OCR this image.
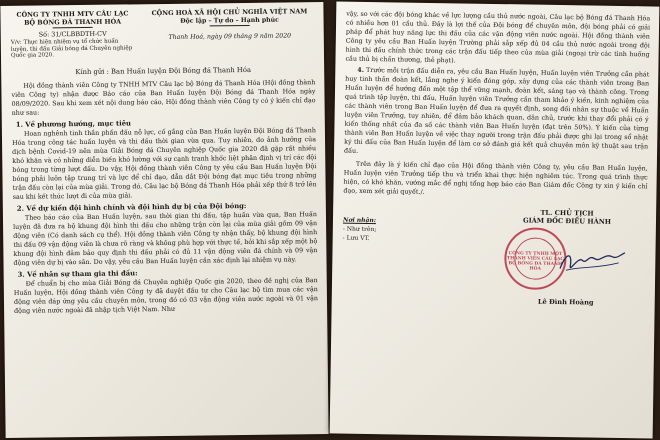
CÔNG TY TNHH MTV CÂU LẠC BỘ BÓNG ĐÁ THANH HÓA
Số: 31/CLBBDTH-CV
V/v: Thực hiện nhiệm vụ tổ chức huấn luyện, thi đấu Giải bóng đá Chuyên nghiệp Quốc gia 2020.
CỘNG HOÀ XÃ HỘI CHỦ NGHĨA VIỆT NAM
Độc lập – Tự do – Hạnh phúc
Thanh Hoá, ngày 09 tháng 9 năm 2020
Kính gửi : Ban Huấn luyện Đội Bóng đá Thanh Hóa

Hội đồng thành viên Công ty TNHH MTV Câu lạc bộ Bóng đá Thanh Hóa (Hội đồng thành viên Công ty) nhận được Báo cáo của Ban Huấn luyện Đội Bóng đá Thanh Hóa ngày 08/09/2020. Sau khi xem xét nội dung báo cáo, Hội đồng thành viên Công ty có ý kiến chỉ đạo như sau:

1. Về phương hướng, mục tiêu

Hoan nghênh tinh thần phấn đấu nỗ lực, cố gắng của Ban Huấn luyện Đội Bóng đá Thanh Hóa trong công tác huấn luyện và thi đấu thời gian vừa qua. Tuy nhiên, do ảnh hưởng của dịch bệnh Covid-19 nên mùa Giải Bóng đá Chuyên nghiệp Quốc gia 2020 đã gặp rất nhiều khó khăn và có những diễn biến khó lường với sự cạnh tranh khốc liệt phân định vị trí các đội bóng trong từng lượt đấu. Do vậy, Hội đồng thành viên Công ty yêu cầu Ban Huấn luyện Đội bóng phải luôn tập trung trí và lực để chỉ đạo, dẫn dắt Đội bóng đạt mục tiêu trong những trận đấu còn lại của mùa giải. Trong đó, Câu lạc bộ Bóng đá Thanh Hóa phải xếp thứ 8 trở lên sau khi kết thúc lượt đi của mùa giải.

2. Về dự kiến đội hình chính và đội hình dự bị của Đội bóng:

Theo báo cáo của Ban Huấn luyện, sau thời gian thi đấu, tập huấn vừa qua, Ban Huấn luyện đã đưa ra bộ khung đội hình thi đấu cho những trận còn lại của mùa giải gồm 09 vận động viên (Có danh sách cụ thể). Hội đồng thành viên Công ty nhận thấy, bộ khung đội hình thi đấu 09 vận động viên là chưa rõ ràng và không phù hợp với thực tế, bởi khi sắp xếp một bộ khung đội hình đảm bảo quy định thi đấu phải có đủ 11 vận động viên đá chính và 09 vận động viên dự bị vào sân. Do vậy, yêu cầu Ban Huấn luyện cần xác định lại nhiệm vụ này.

3. Về nhân sự tham gia thi đấu:

Để chuẩn bị cho mùa Giải Bóng đá Chuyên nghiệp Quốc gia 2020, theo đề nghị của Ban Huấn luyện, Hội đồng thành viên Công ty đã duyệt đầu tư cho Câu lạc bộ tìm mua các vận động viên đáp ứng yêu cầu chuyên môn, trong đó có 03 vận động viên nước ngoài và 01 vận động viên nước ngoài đã nhập tịch Việt Nam. Như

vậy, so với các đội bóng khác về lực lượng cầu thủ nước ngoài, Câu lạc bộ Bóng đá Thanh Hóa có nhiều hơn 01 cầu thủ. Đây là lợi thế của Đội bóng để chuyên môn, đội bóng phải có giải pháp để phát huy năng lực thi đấu của các vận động viên nước ngoài. Hội đồng thành viên Công ty yêu cầu Ban Huấn luyện Trường phải sắp xếp đủ 04 cầu thủ nước ngoài trong đội hình thi đấu chính thức trong các trận đấu tiếp theo của mùa giải (ngoại trừ các tình huống cầu thủ bị chấn thương, thẻ phạt).

4. Trước mỗi trận đấu diễn ra, yêu cầu Ban Huấn luyện, Huấn luyện viên Trưởng cần phát huy tinh thần đoàn kết, lắng nghe ý kiến đóng góp, xây dựng của các thành viên trong Ban Huấn luyện để hướng đến một tập thể vững mạnh, đoàn kết, sáng tạo và thành công. Trong quá trình tập luyện, thi đấu, Huấn luyện viên Trưởng cần tham khảo ý kiến, kinh nghiệm của các thành viên trong Ban Huấn luyện để đưa ra quyết định, song đối nhân sự thuộc về Huấn luyện viên Trưởng, tuy nhiên, để đảm bảo khách quan, dân chủ, trước khi thay đổi phải có ý kiến thống nhất của đa số các thành viên Ban Huấn luyện (đạt trên 50%). Ý kiến của từng thành viên Ban Huấn luyện về việc thay người trong trận đấu phải được ghi lại trong sổ nhật ký thi đấu của Ban Huấn luyện để làm cơ sở đánh giá kết quả chuyên môn kỹ thuật sau trận đấu.

Trên đây là ý kiến chỉ đạo của Hội đồng thành viên Công ty, yêu cầu Ban Huấn luyện, Huấn luyện viên Trưởng tiếp thu và triển khai thực hiện nghiêm túc. Trong quá trình thực hiện, có khó khăn, vướng mắc để nghị tổng hợp báo cáo Ban Giám đốc Công ty xin ý kiến chỉ đạo, xem xét giải quyết./.

Nơi nhận:
- Như trên;
- Lưu VT.
TL. CHỦ TỊCH
GIÁM ĐỐC ĐIỀU HÀNH
CÔNG TY TNHH MỘT THÀNH VIÊN CÂU LẠC BỘ BÓNG ĐÁ THANH HÓA
Lê Đình Hoàng
